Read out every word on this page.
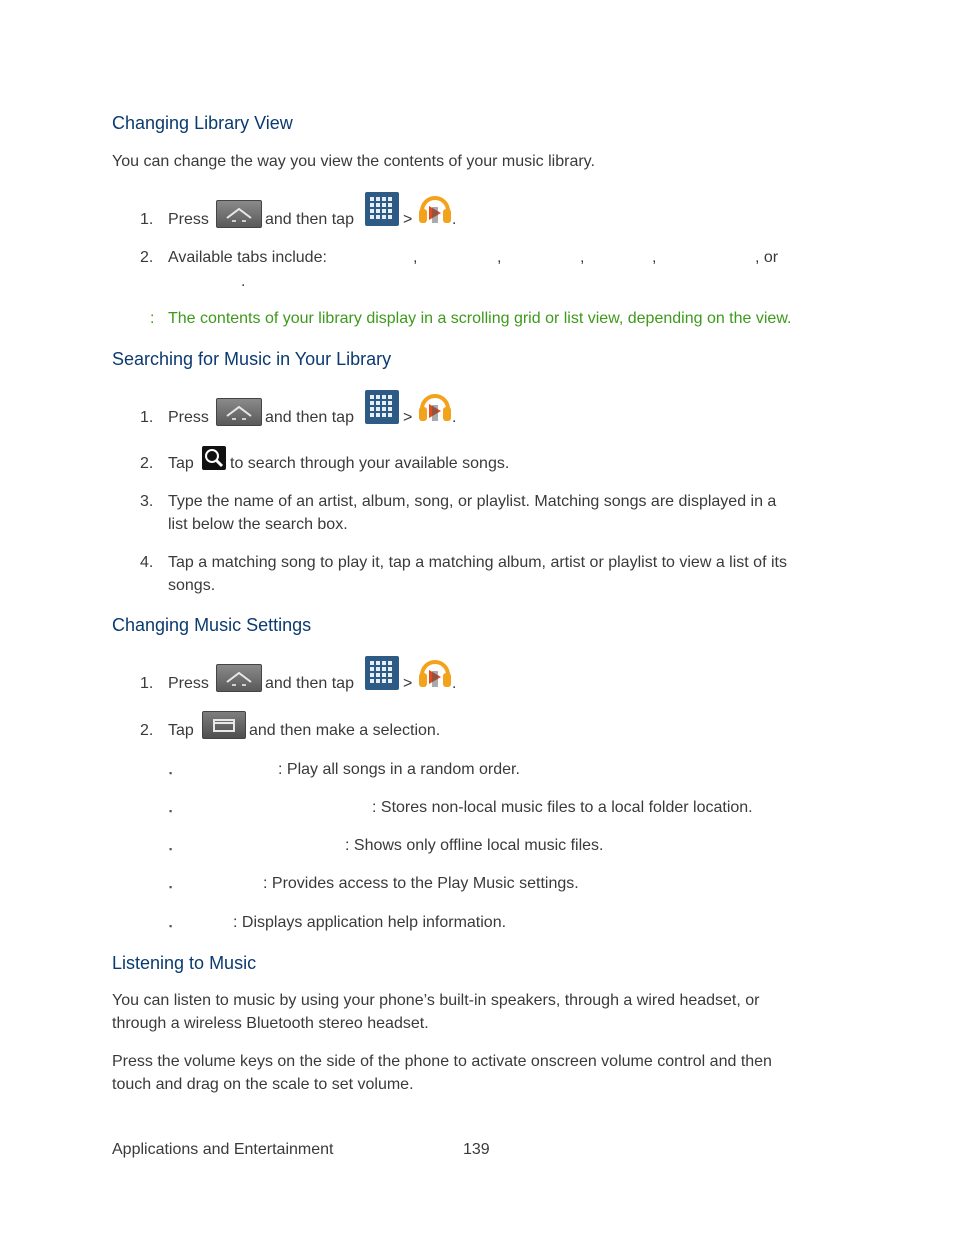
Changing Library View
You can change the way you view the contents of your music library.
1. Press	and then tap	> .
2. Available tabs include:	,	,	,	,	, or
.
: The contents of your library display in a scrolling grid or list view, depending on the view.
Searching for Music in Your Library
1. Press	and then tap	> .
2. Tap to search through your available songs.
3. Type the name of an artist, album, song, or playlist. Matching songs are displayed in a
list below the search box.
4. Tap a matching song to play it, tap a matching album, artist or playlist to view a list of its
songs.
Changing Music Settings
1. Press	and then tap	> .
2. Tap	and then make a selection.
▪	: Play all songs in a random order.
▪	: Stores non-local music files to a local folder location.
▪	: Shows only offline local music files.
▪	: Provides access to the Play Music settings.
▪	: Displays application help information.
Listening to Music
You can listen to music by using your phone’s built-in speakers, through a wired headset, or
through a wireless Bluetooth stereo headset.
Press the volume keys on the side of the phone to activate onscreen volume control and then
touch and drag on the scale to set volume.
Applications and Entertainment	139
